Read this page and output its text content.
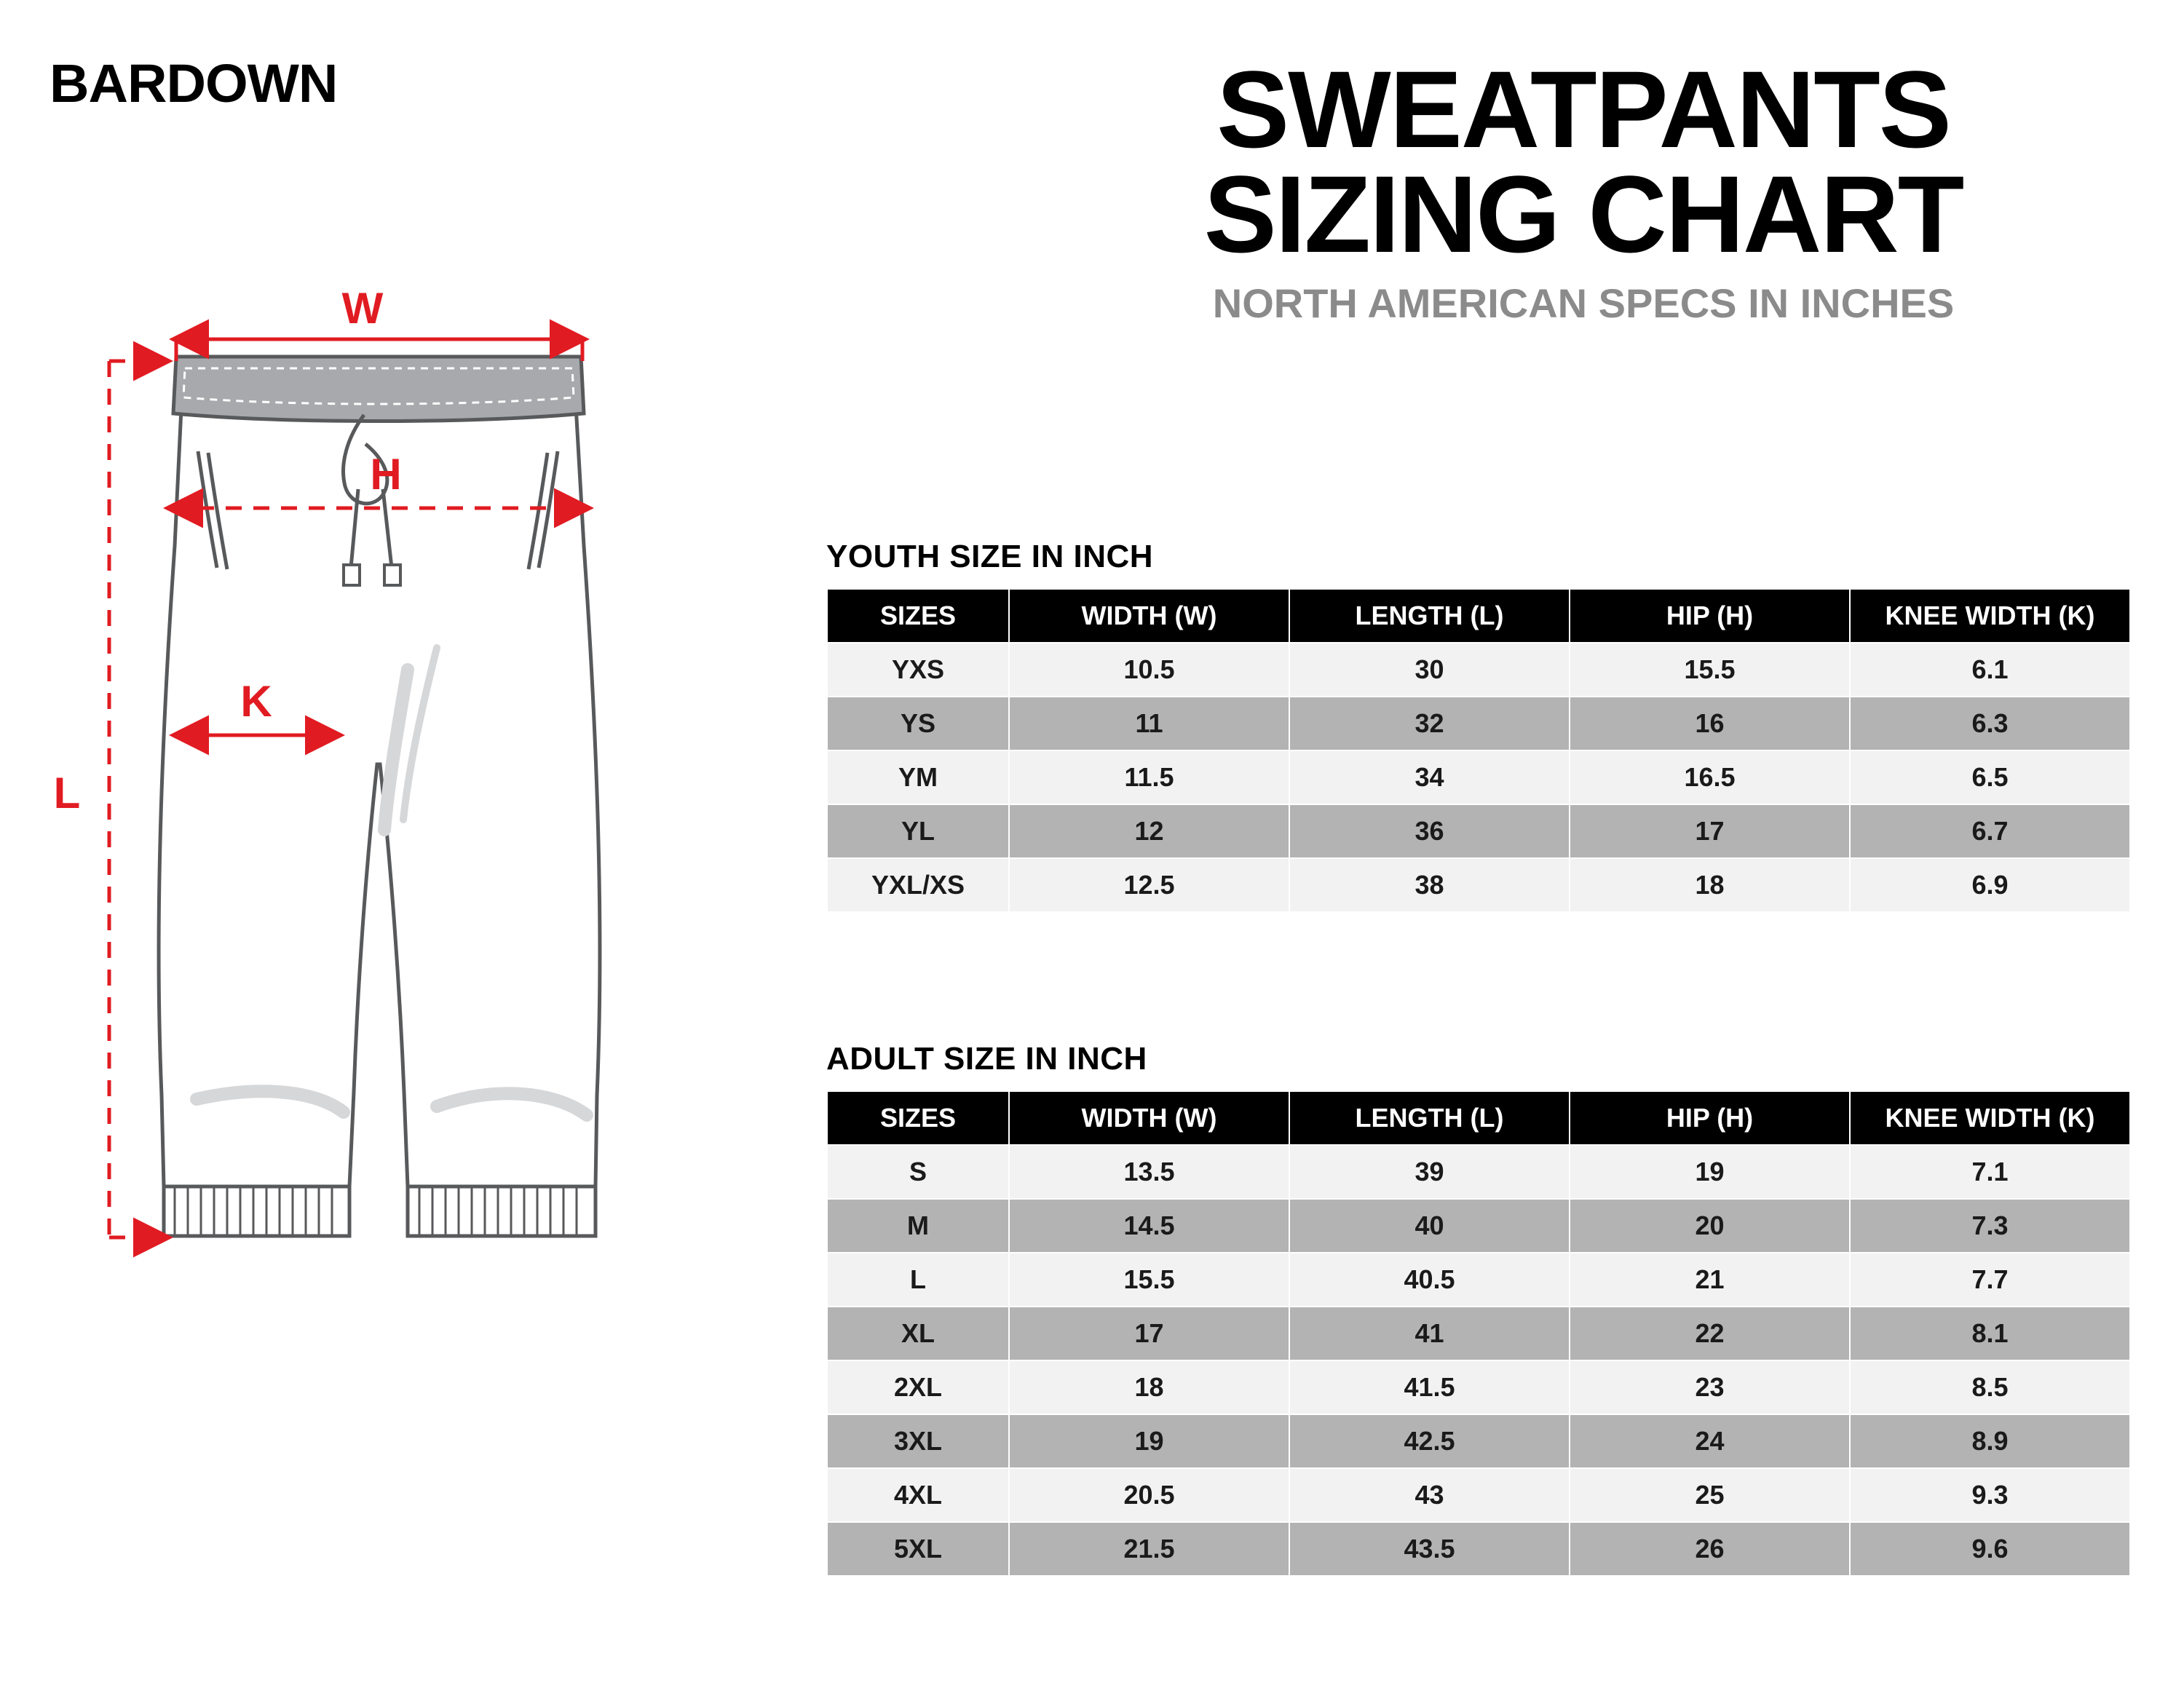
BARDOWN	SWEATPANTS
SIZING CHART
NORTH AMERICAN SPECS IN INCHES
W
L
H
K
YOUTH SIZE IN INCH
SIZES	WIDTH (W)	LENGTH (L)	HIP (H)	KNEE WIDTH (K)
YXS	10.5	30	15.5	6.1
YS	11	32	16	6.3
YM	11.5	34	16.5	6.5
YL	12	36	17	6.7
YXL/XS	12.5	38	18	6.9
ADULT SIZE IN INCH
SIZES	WIDTH (W)	LENGTH (L)	HIP (H)	KNEE WIDTH (K)
S	13.5	39	19	7.1
M	14.5	40	20	7.3
L	15.5	40.5	21	7.7
XL	17	41	22	8.1
2XL	18	41.5	23	8.5
3XL	19	42.5	24	8.9
4XL	20.5	43	25	9.3
5XL	21.5	43.5	26	9.6
